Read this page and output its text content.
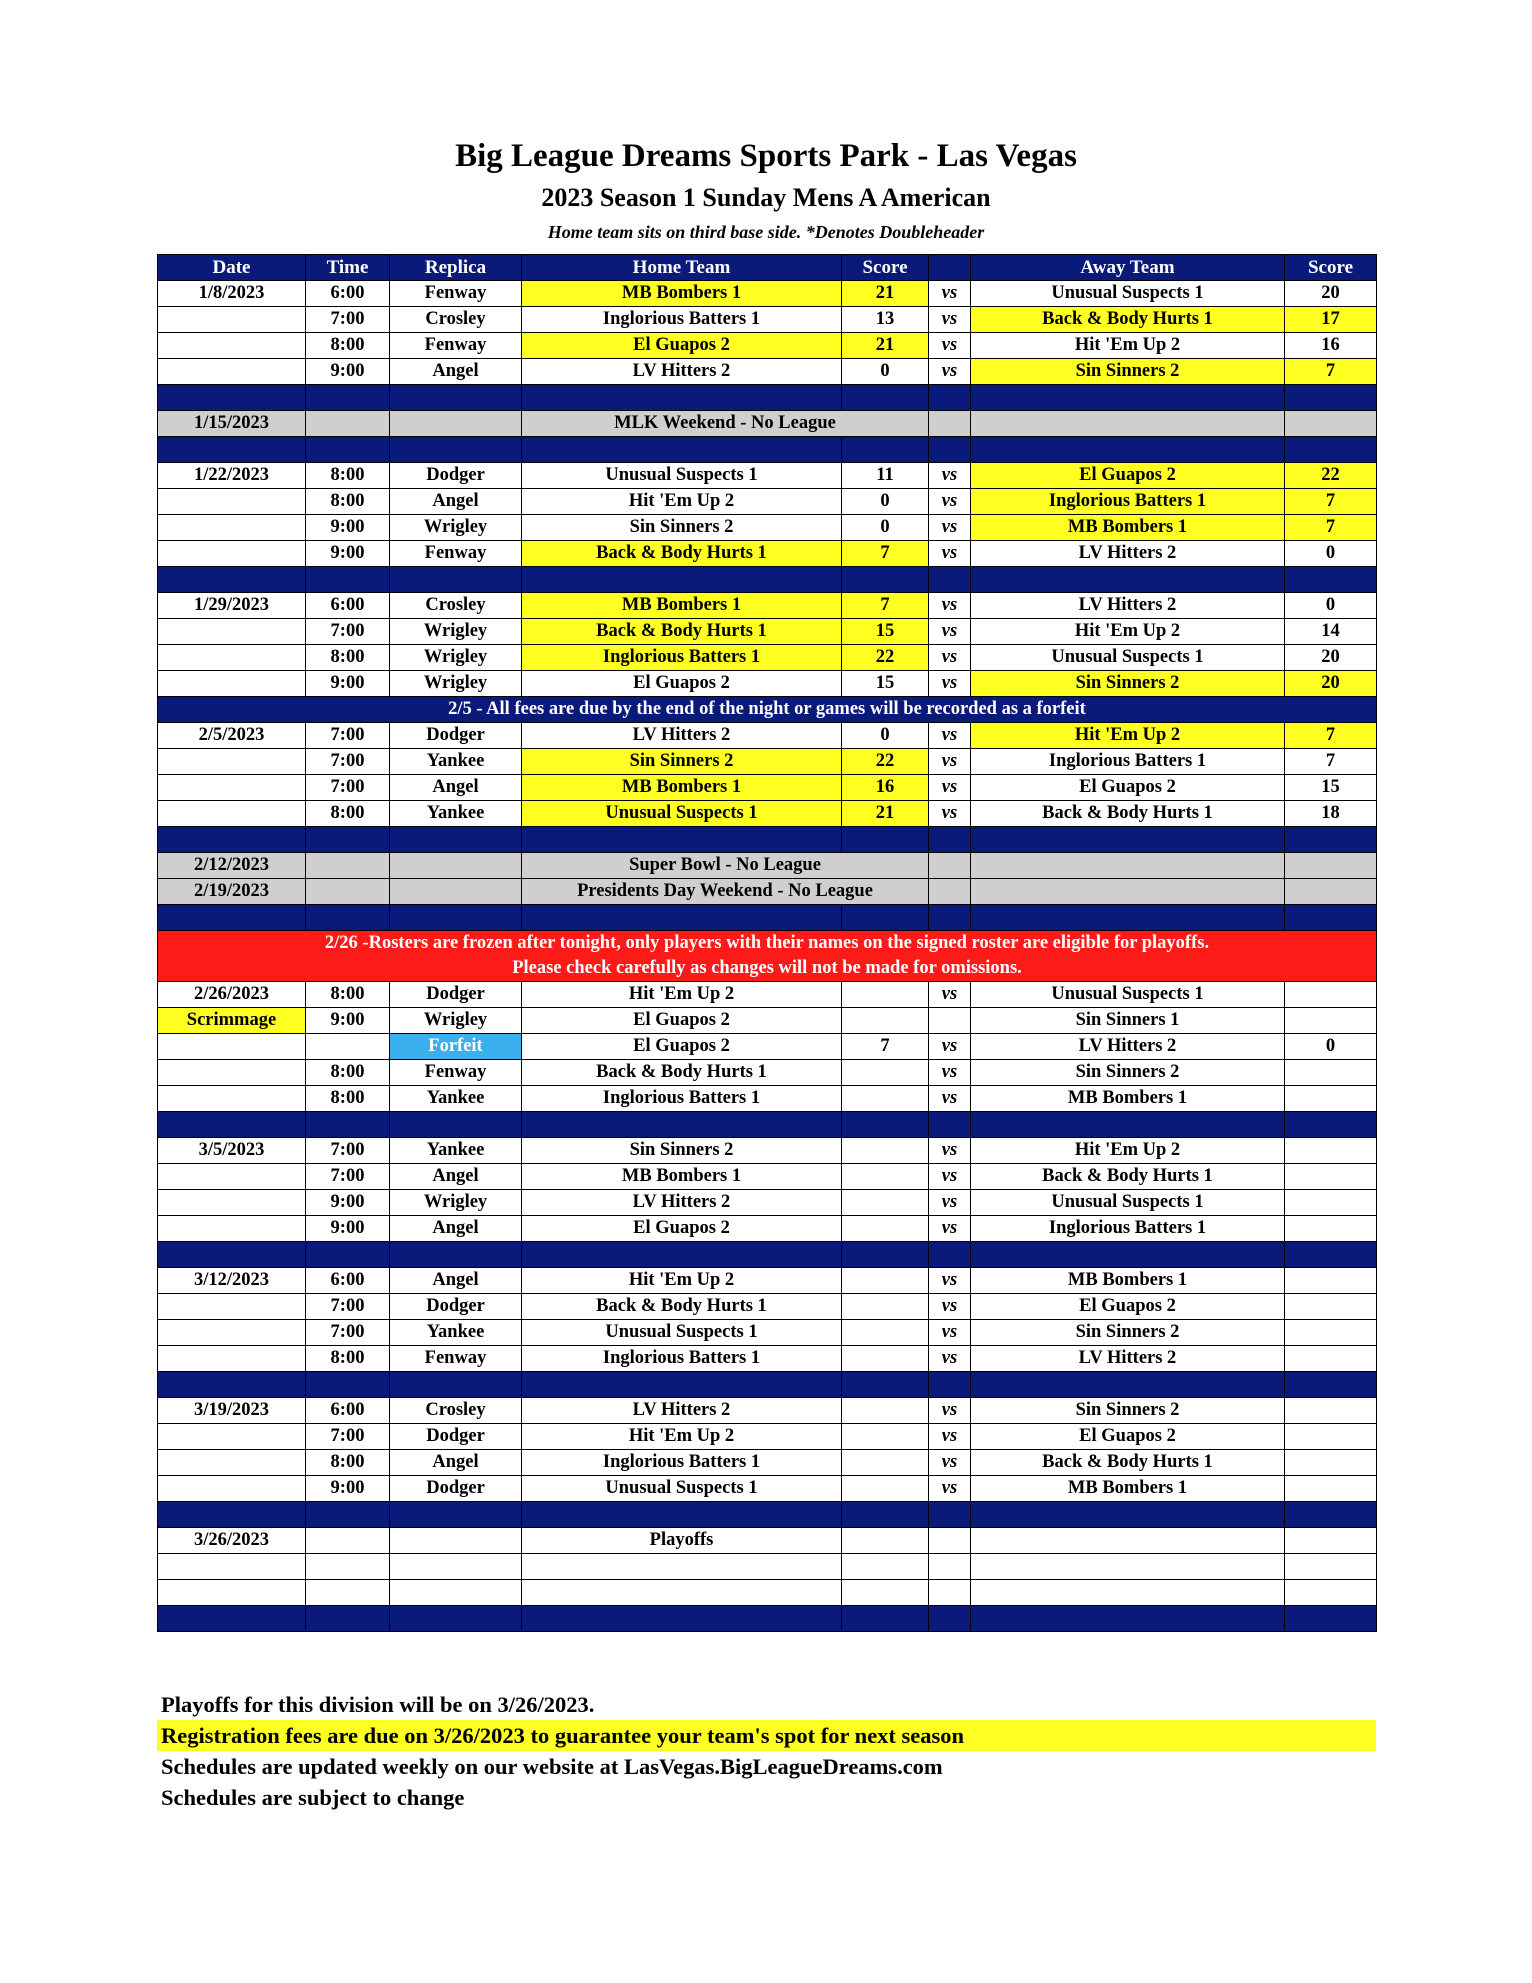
Big League Dreams Sports Park - Las Vegas
2023 Season 1 Sunday Mens A American
Home team sits on third base side. *Denotes Doubleheader
Date	Time	Replica	Home Team	Score		Away Team	Score
1/8/2023	6:00	Fenway	MB Bombers 1	21	vs	Unusual Suspects 1	20
	7:00	Crosley	Inglorious Batters 1	13	vs	Back & Body Hurts 1	17
	8:00	Fenway	El Guapos 2	21	vs	Hit 'Em Up 2	16
	9:00	Angel	LV Hitters 2	0	vs	Sin Sinners 2	7

1/15/2023			MLK Weekend - No League				

1/22/2023	8:00	Dodger	Unusual Suspects 1	11	vs	El Guapos 2	22
	8:00	Angel	Hit 'Em Up 2	0	vs	Inglorious Batters 1	7
	9:00	Wrigley	Sin Sinners 2	0	vs	MB Bombers 1	7
	9:00	Fenway	Back & Body Hurts 1	7	vs	LV Hitters 2	0

1/29/2023	6:00	Crosley	MB Bombers 1	7	vs	LV Hitters 2	0
	7:00	Wrigley	Back & Body Hurts 1	15	vs	Hit 'Em Up 2	14
	8:00	Wrigley	Inglorious Batters 1	22	vs	Unusual Suspects 1	20
	9:00	Wrigley	El Guapos 2	15	vs	Sin Sinners 2	20
2/5 - All fees are due by the end of the night or games will be recorded as a forfeit							
2/5/2023	7:00	Dodger	LV Hitters 2	0	vs	Hit 'Em Up 2	7
	7:00	Yankee	Sin Sinners 2	22	vs	Inglorious Batters 1	7
	7:00	Angel	MB Bombers 1	16	vs	El Guapos 2	15
	8:00	Yankee	Unusual Suspects 1	21	vs	Back & Body Hurts 1	18

2/12/2023			Super Bowl - No League				
2/19/2023			Presidents Day Weekend - No League				

2/26 -Rosters are frozen after tonight, only players with their names on the signed roster are eligible for playoffs.							
Please check carefully as changes will not be made for omissions.							
2/26/2023	8:00	Dodger	Hit 'Em Up 2		vs	Unusual Suspects 1	
Scrimmage	9:00	Wrigley	El Guapos 2			Sin Sinners 1	
		Forfeit	El Guapos 2	7	vs	LV Hitters 2	0
	8:00	Fenway	Back & Body Hurts 1		vs	Sin Sinners 2	
	8:00	Yankee	Inglorious Batters 1		vs	MB Bombers 1	

3/5/2023	7:00	Yankee	Sin Sinners 2		vs	Hit 'Em Up 2	
	7:00	Angel	MB Bombers 1		vs	Back & Body Hurts 1	
	9:00	Wrigley	LV Hitters 2		vs	Unusual Suspects 1	
	9:00	Angel	El Guapos 2		vs	Inglorious Batters 1	

3/12/2023	6:00	Angel	Hit 'Em Up 2		vs	MB Bombers 1	
	7:00	Dodger	Back & Body Hurts 1		vs	El Guapos 2	
	7:00	Yankee	Unusual Suspects 1		vs	Sin Sinners 2	
	8:00	Fenway	Inglorious Batters 1		vs	LV Hitters 2	

3/19/2023	6:00	Crosley	LV Hitters 2		vs	Sin Sinners 2	
	7:00	Dodger	Hit 'Em Up 2		vs	El Guapos 2	
	8:00	Angel	Inglorious Batters 1		vs	Back & Body Hurts 1	
	9:00	Dodger	Unusual Suspects 1		vs	MB Bombers 1	

3/26/2023			Playoffs				

Playoffs for this division will be on 3/26/2023.
Registration fees are due on 3/26/2023 to guarantee your team's spot for next season
Schedules are updated weekly on our website at LasVegas.BigLeagueDreams.com
Schedules are subject to change
